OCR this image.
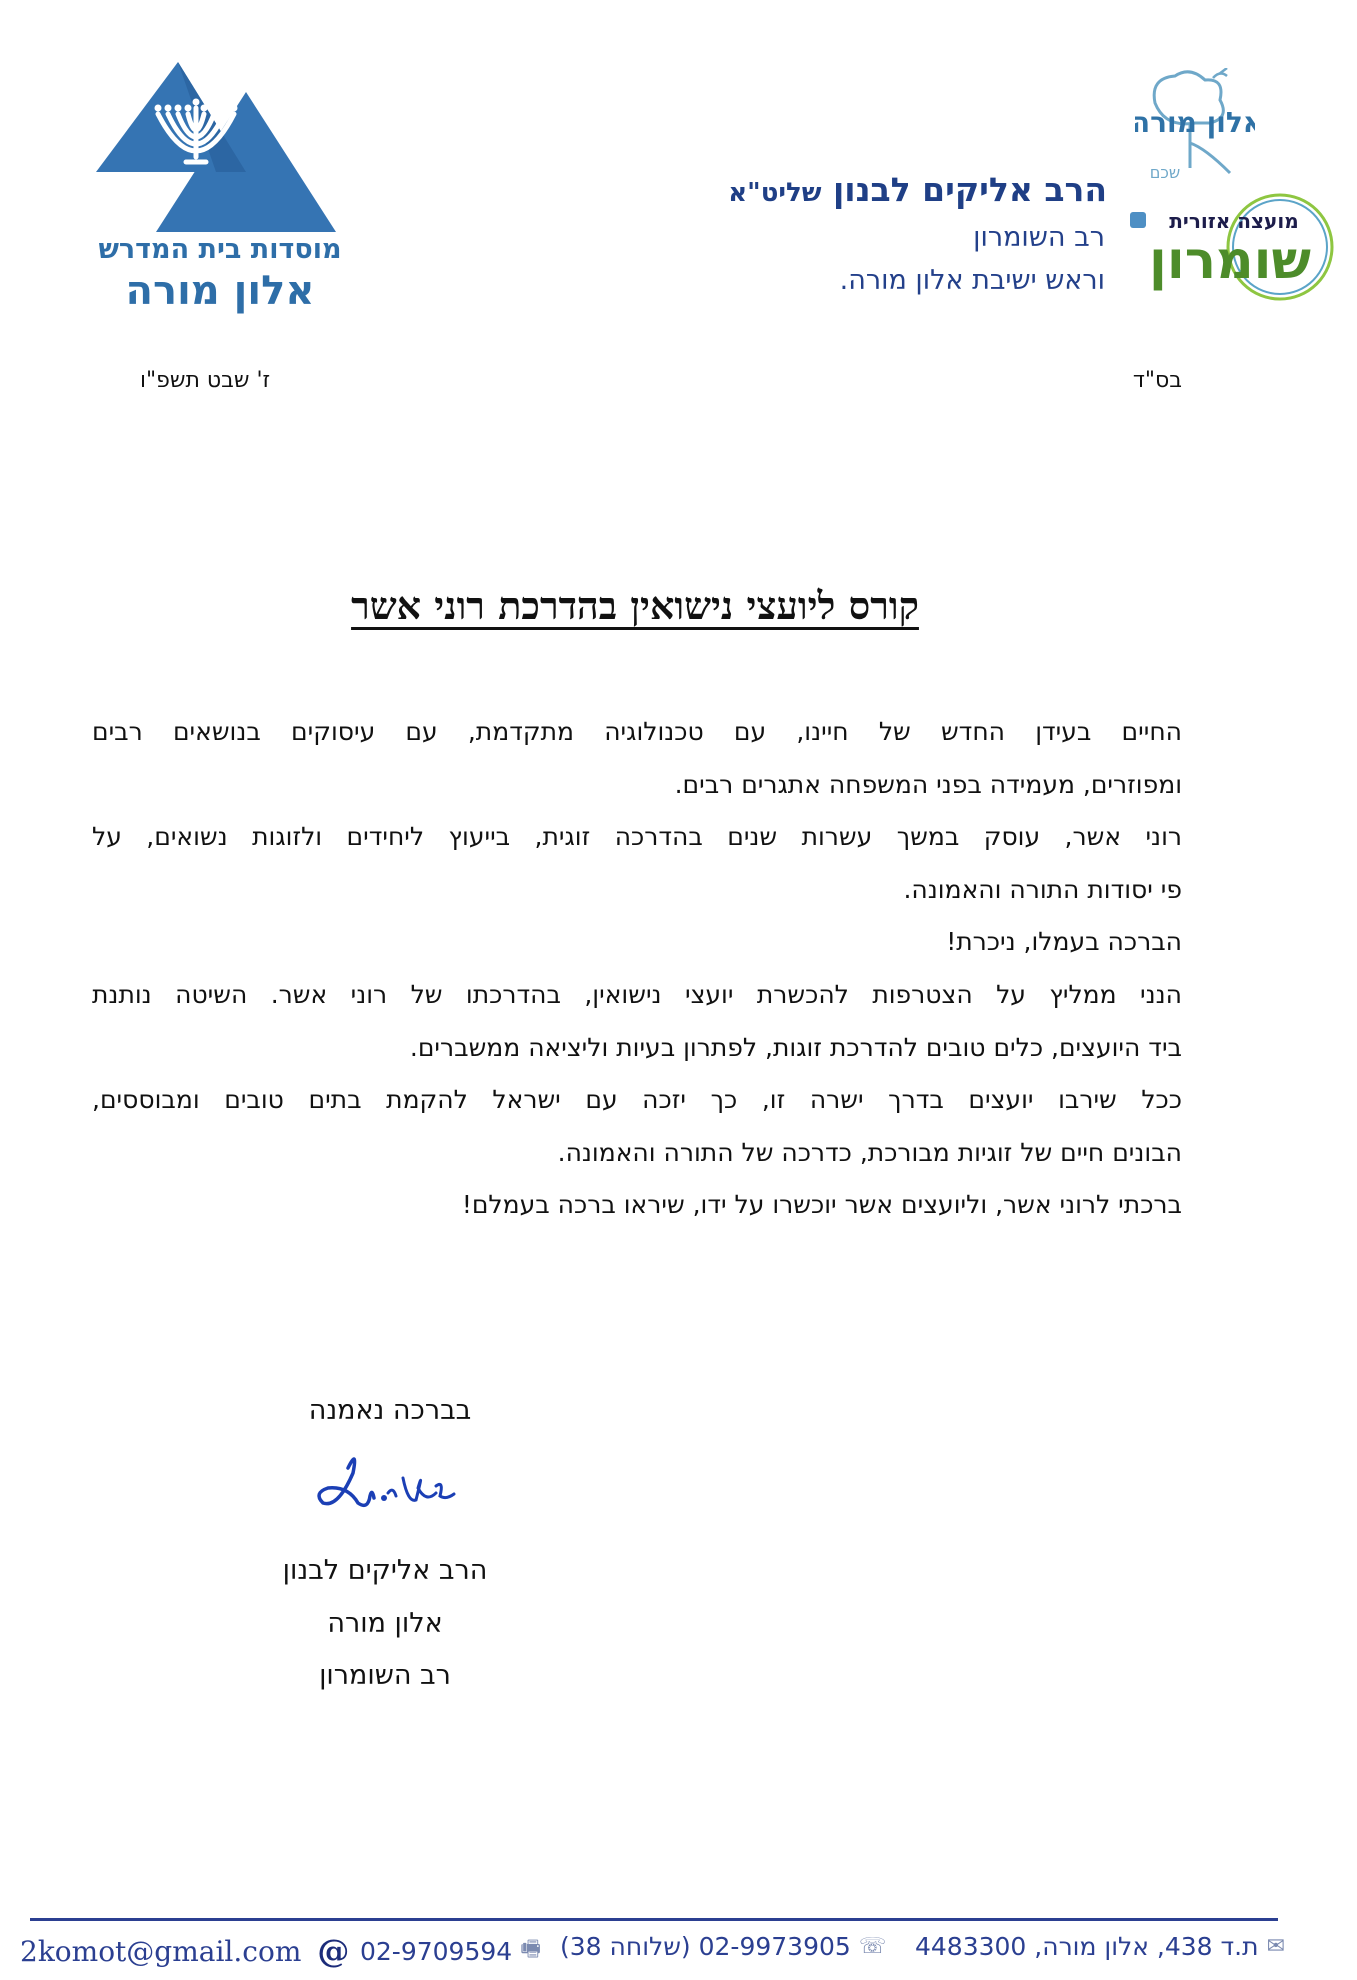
מוסדות בית המדרש
אלון מורה
הרב אליקים לבנון שליט"א
רב השומרון
וראש ישיבת אלון מורה.
אלון מורה
שכם
מועצה אזורית
שומרון
בס"ד
ז' שבט תשפ"ו
קורס ליועצי נישואין בהדרכת רוני אשר
החיים בעידן החדש של חיינו, עם טכנולוגיה מתקדמת, עם עיסוקים בנושאים רבים
ומפוזרים, מעמידה בפני המשפחה אתגרים רבים.
רוני אשר, עוסק במשך עשרות שנים בהדרכה זוגית, בייעוץ ליחידים ולזוגות נשואים, על
פי יסודות התורה והאמונה.
הברכה בעמלו, ניכרת!
הנני ממליץ על הצטרפות להכשרת יועצי נישואין, בהדרכתו של רוני אשר. השיטה נותנת
ביד היועצים, כלים טובים להדרכת זוגות, לפתרון בעיות וליציאה ממשברים.
ככל שירבו יועצים בדרך ישרה זו, כך יזכה עם ישראל להקמת בתים טובים ומבוססים,
הבונים חיים של זוגיות מבורכת, כדרכה של התורה והאמונה.
ברכתי לרוני אשר, וליועצים אשר יוכשרו על ידו, שיראו ברכה בעמלם!
בברכה נאמנה
הרב אליקים לבנון
אלון מורה
רב השומרון
2komot@gmail.com @ 02-9709594 🖷 02-9973905 (שלוחה 38) ☏	✉
ת.ד 438, אלון מורה, 4483300
